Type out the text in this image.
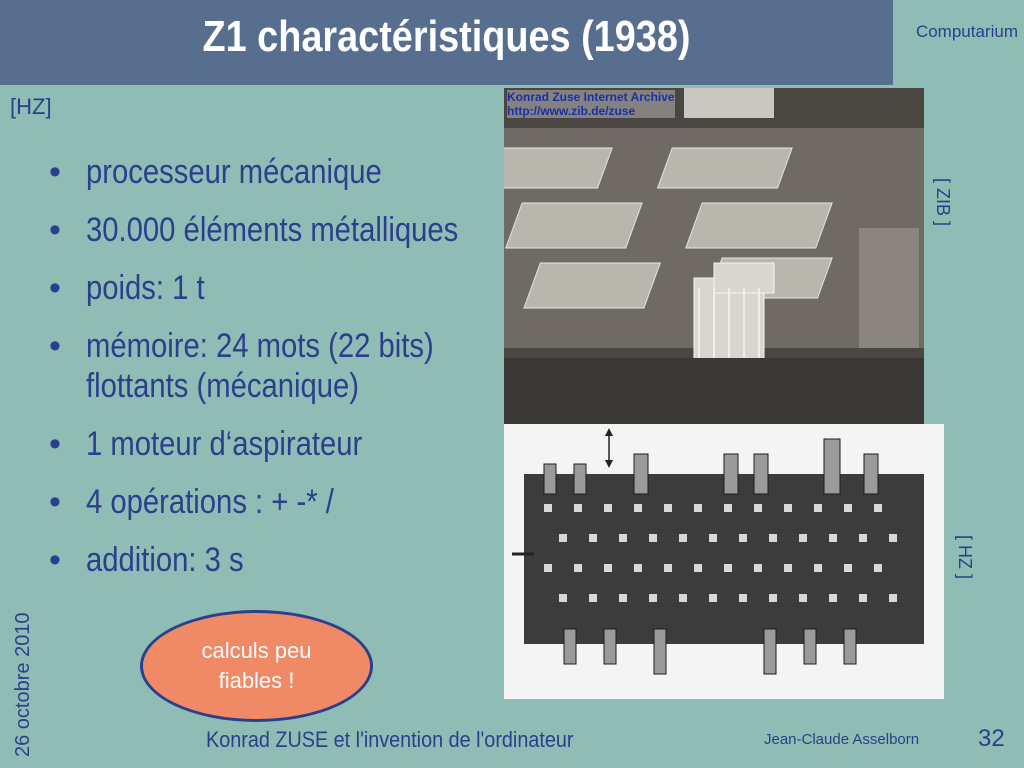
Z1 charactéristiques (1938)	Computarium
[HZ]
• processeur mécanique
• 30.000 éléments métalliques
• poids: 1 t
• mémoire: 24 mots (22 bits)
flottants (mécanique)
• 1 moteur d‘aspirateur
• 4 opérations : + -* /
• addition: 3 s
Konrad Zuse Internet Archive
http://www.zib.de/zuse
[ ZIB ]
[ HZ ]
calculs peu fiables !
26 octobre 2010	Konrad ZUSE et l'invention de l'ordinateur	Jean-Claude Asselborn 32
